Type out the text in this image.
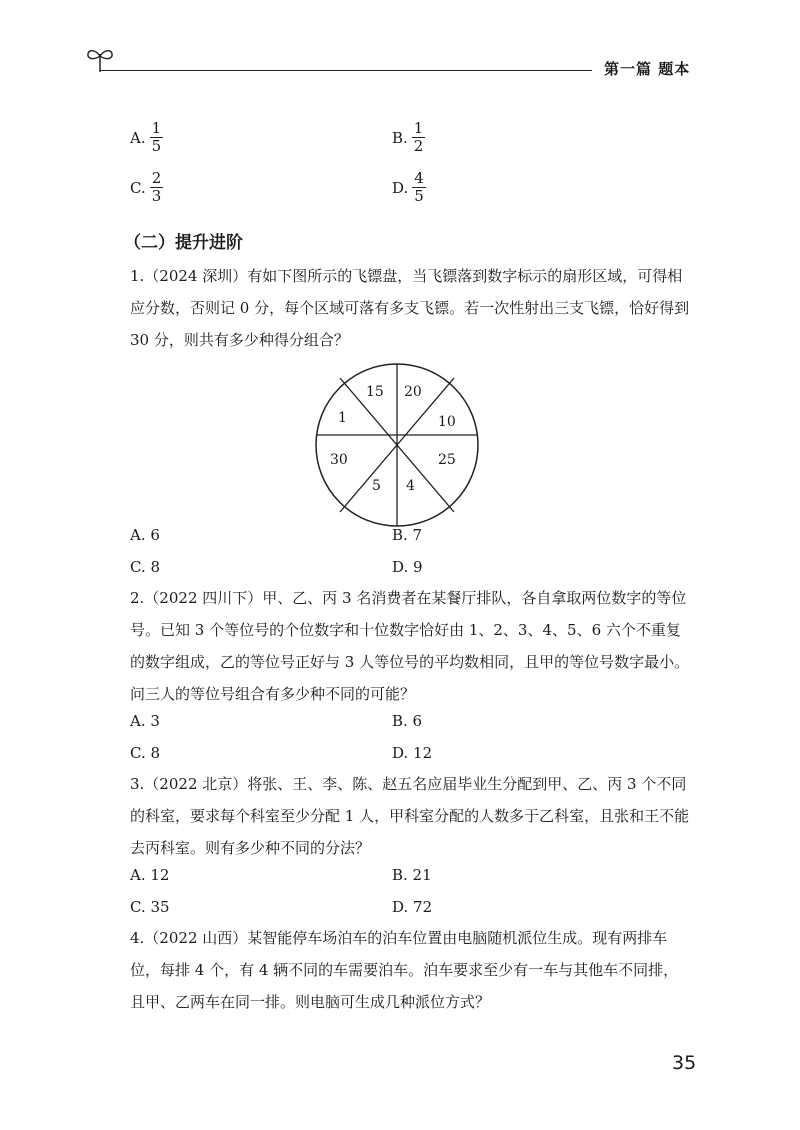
第一篇 题本
A. $\frac{1}{5}$	B. $\frac{1}{2}$
C. $\frac{2}{3}$	D. $\frac{4}{5}$
（二）提升进阶
1.（2024 深圳）有如下图所示的飞镖盘，当飞镖落到数字标示的扇形区域，可得相应分数，否则记 0 分，每个区域可落有多支飞镖。若一次性射出三支飞镖，恰好得到 30 分，则共有多少种得分组合？
15 20
10
25
4
5
30
1
A. 6	B. 7
C. 8	D. 9
2.（2022 四川下）甲、乙、丙 3 名消费者在某餐厅排队，各自拿取两位数字的等位号。已知 3 个等位号的个位数字和十位数字恰好由 1、2、3、4、5、6 六个不重复的数字组成，乙的等位号正好与 3 人等位号的平均数相同，且甲的等位号数字最小。问三人的等位号组合有多少种不同的可能？
A. 3	B. 6
C. 8	D. 12
3.（2022 北京）将张、王、李、陈、赵五名应届毕业生分配到甲、乙、丙 3 个不同的科室，要求每个科室至少分配 1 人，甲科室分配的人数多于乙科室，且张和王不能去丙科室。则有多少种不同的分法？
A. 12	B. 21
C. 35	D. 72
4.（2022 山西）某智能停车场泊车的泊车位置由电脑随机派位生成。现有两排车位，每排 4 个，有 4 辆不同的车需要泊车。泊车要求至少有一车与其他车不同排，且甲、乙两车在同一排。则电脑可生成几种派位方式？
35
